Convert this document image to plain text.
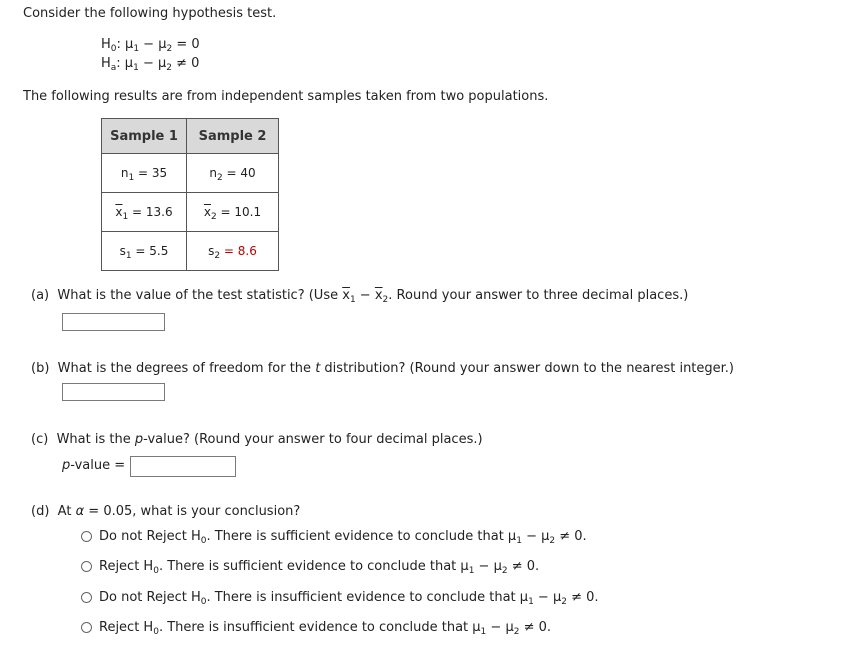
Consider the following hypothesis test.
$H_0$: $\mu_1 - \mu_2 = 0$
$H_a$: $\mu_1 - \mu_2 \ne 0$
The following results are from independent samples taken from two populations.
Sample 1	Sample 2
$n_1 = 35$	$n_2 = 40$
$\overline{x}_1 = 13.6$	$\overline{x}_2 = 10.1$
$s_1 = 5.5$	$s_2 = 8.6$
(a) What is the value of the test statistic? (Use $\overline{x}_1 - \overline{x}_2$. Round your answer to three decimal places.)
(b) What is the degrees of freedom for the t distribution? (Round your answer down to the nearest integer.)
(c) What is the p-value? (Round your answer to four decimal places.)
p-value =
(d) At α = 0.05, what is your conclusion?
Do not Reject $H_0$. There is sufficient evidence to conclude that $\mu_1 - \mu_2 \ne 0$.
Reject $H_0$. There is sufficient evidence to conclude that $\mu_1 - \mu_2 \ne 0$.
Do not Reject $H_0$. There is insufficient evidence to conclude that $\mu_1 - \mu_2 \ne 0$.
Reject $H_0$. There is insufficient evidence to conclude that $\mu_1 - \mu_2 \ne 0$.
